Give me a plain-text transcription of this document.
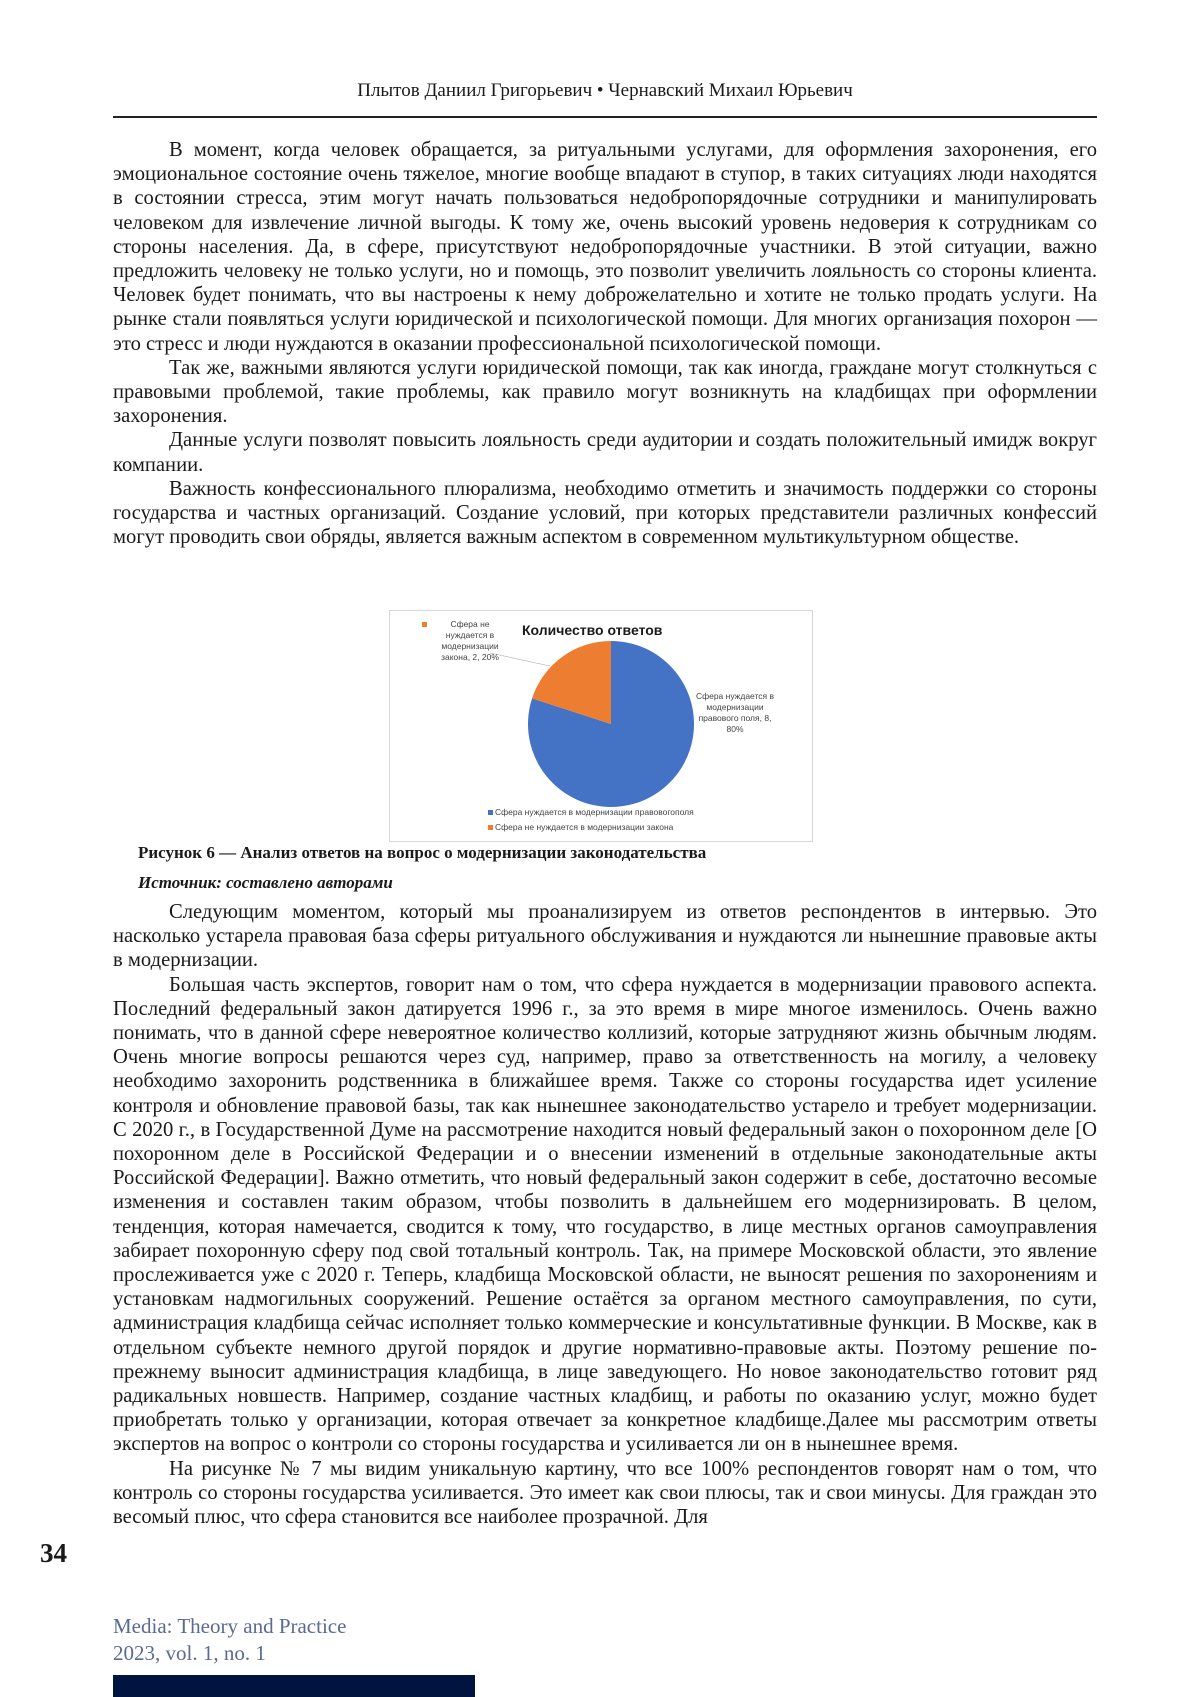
Плытов Даниил Григорьевич • Чернавский Михаил Юрьевич

В момент, когда человек обращается, за ритуальными услугами, для оформления захоронения, его эмоциональное состояние очень тяжелое, многие вообще впадают в ступор, в таких ситуациях люди находятся в состоянии стресса, этим могут начать пользоваться недобропорядочные сотрудники и манипулировать человеком для извлечение личной выгоды. К тому же, очень высокий уровень недоверия к сотрудникам со стороны населения. Да, в сфере, присутствуют недобропорядочные участники. В этой ситуации, важно предложить человеку не только услуги, но и помощь, это позволит увеличить лояльность со стороны клиента. Человек будет понимать, что вы настроены к нему доброжелательно и хотите не только продать услуги. На рынке стали появляться услуги юридической и психологической помощи. Для многих организация похорон — это стресс и люди нуждаются в оказании профессиональной психологической помощи.

Так же, важными являются услуги юридической помощи, так как иногда, граждане могут столкнуться с правовыми проблемой, такие проблемы, как правило могут возникнуть на кладбищах при оформлении захоронения.

Данные услуги позволят повысить лояльность среди аудитории и создать положительный имидж вокруг компании.

Важность конфессионального плюрализма, необходимо отметить и значимость поддержки со стороны государства и частных организаций. Создание условий, при которых представители различных конфессий могут проводить свои обряды, является важным аспектом в современном мультикультурном обществе.

Количество ответов
Сфера не нуждается в модернизации закона, 2, 20%
Сфера нуждается в модернизации правового поля, 8, 80%
Сфера нуждается в модернизации правовогополя
Сфера не нуждается в модернизации закона
Рисунок 6 — Анализ ответов на вопрос о модернизации законодательства
Источник: составлено авторами

Следующим моментом, который мы проанализируем из ответов респондентов в интервью. Это насколько устарела правовая база сферы ритуального обслуживания и нуждаются ли нынешние правовые акты в модернизации.

Большая часть экспертов, говорит нам о том, что сфера нуждается в модернизации правового аспекта. Последний федеральный закон датируется 1996 г., за это время в мире многое изменилось. Очень важно понимать, что в данной сфере невероятное количество коллизий, которые затрудняют жизнь обычным людям. Очень многие вопросы решаются через суд, например, право за ответственность на могилу, а человеку необходимо захоронить родственника в ближайшее время. Также со стороны государства идет усиление контроля и обновление правовой базы, так как нынешнее законодательство устарело и требует модернизации. С 2020 г., в Государственной Думе на рассмотрение находится новый федеральный закон о похоронном деле [О похоронном деле в Российской Федерации и о внесении изменений в отдельные законодательные акты Российской Федерации]. Важно отметить, что новый федеральный закон содержит в себе, достаточно весомые изменения и составлен таким образом, чтобы позволить в дальнейшем его модернизировать. В целом, тенденция, которая намечается, сводится к тому, что государство, в лице местных органов самоуправления забирает похоронную сферу под свой тотальный контроль. Так, на примере Московской области, это явление прослеживается уже с 2020 г. Теперь, кладбища Московской области, не выносят решения по захоронениям и установкам надмогильных сооружений. Решение остаётся за органом местного самоуправления, по сути, администрация кладбища сейчас исполняет только коммерческие и консультативные функции. В Москве, как в отдельном субъекте немного другой порядок и другие нормативно-правовые акты. Поэтому решение по-прежнему выносит администрация кладбища, в лице заведующего. Но новое законодательство готовит ряд радикальных новшеств. Например, создание частных кладбищ, и работы по оказанию услуг, можно будет приобретать только у организации, которая отвечает за конкретное кладбище.Далее мы рассмотрим ответы экспертов на вопрос о контроли со стороны государства и усиливается ли он в нынешнее время.

На рисунке № 7 мы видим уникальную картину, что все 100% респондентов говорят нам о том, что контроль со стороны государства усиливается. Это имеет как свои плюсы, так и свои минусы. Для граждан это весомый плюс, что сфера становится все наиболее прозрачной. Для

34
Media: Theory and Practice
2023, vol. 1, no. 1
